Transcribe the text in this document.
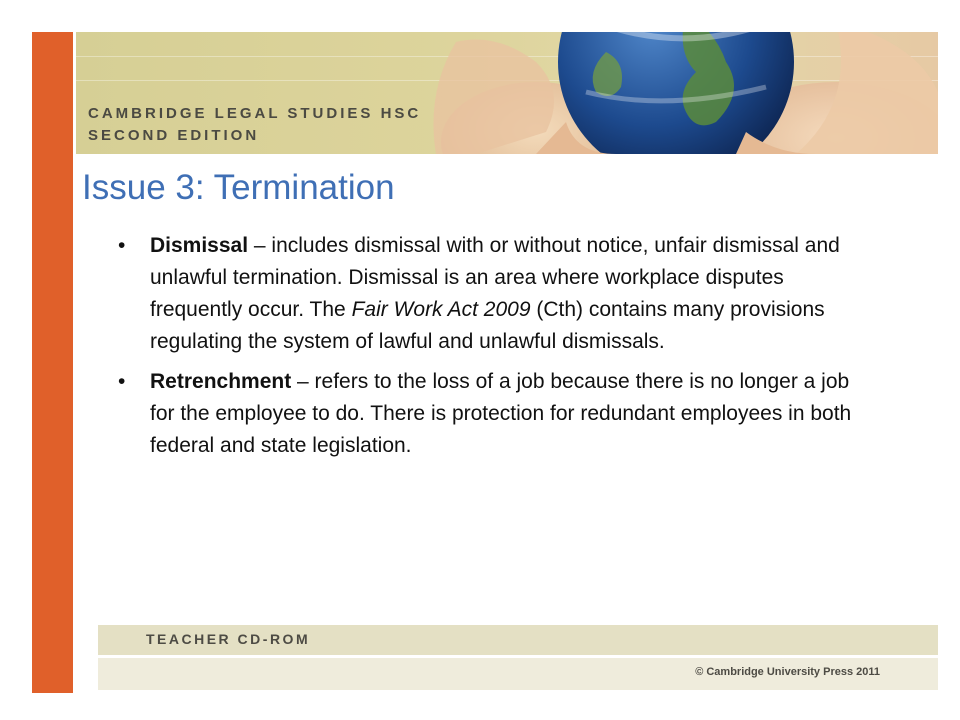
CAMBRIDGE LEGAL STUDIES HSC
SECOND EDITION
Issue 3: Termination
• Dismissal – includes dismissal with or without notice, unfair dismissal and unlawful termination. Dismissal is an area where workplace disputes frequently occur. The Fair Work Act 2009 (Cth) contains many provisions regulating the system of lawful and unlawful dismissals.
• Retrenchment – refers to the loss of a job because there is no longer a job for the employee to do. There is protection for redundant employees in both federal and state legislation.
TEACHER CD-ROM
© Cambridge University Press 2011
